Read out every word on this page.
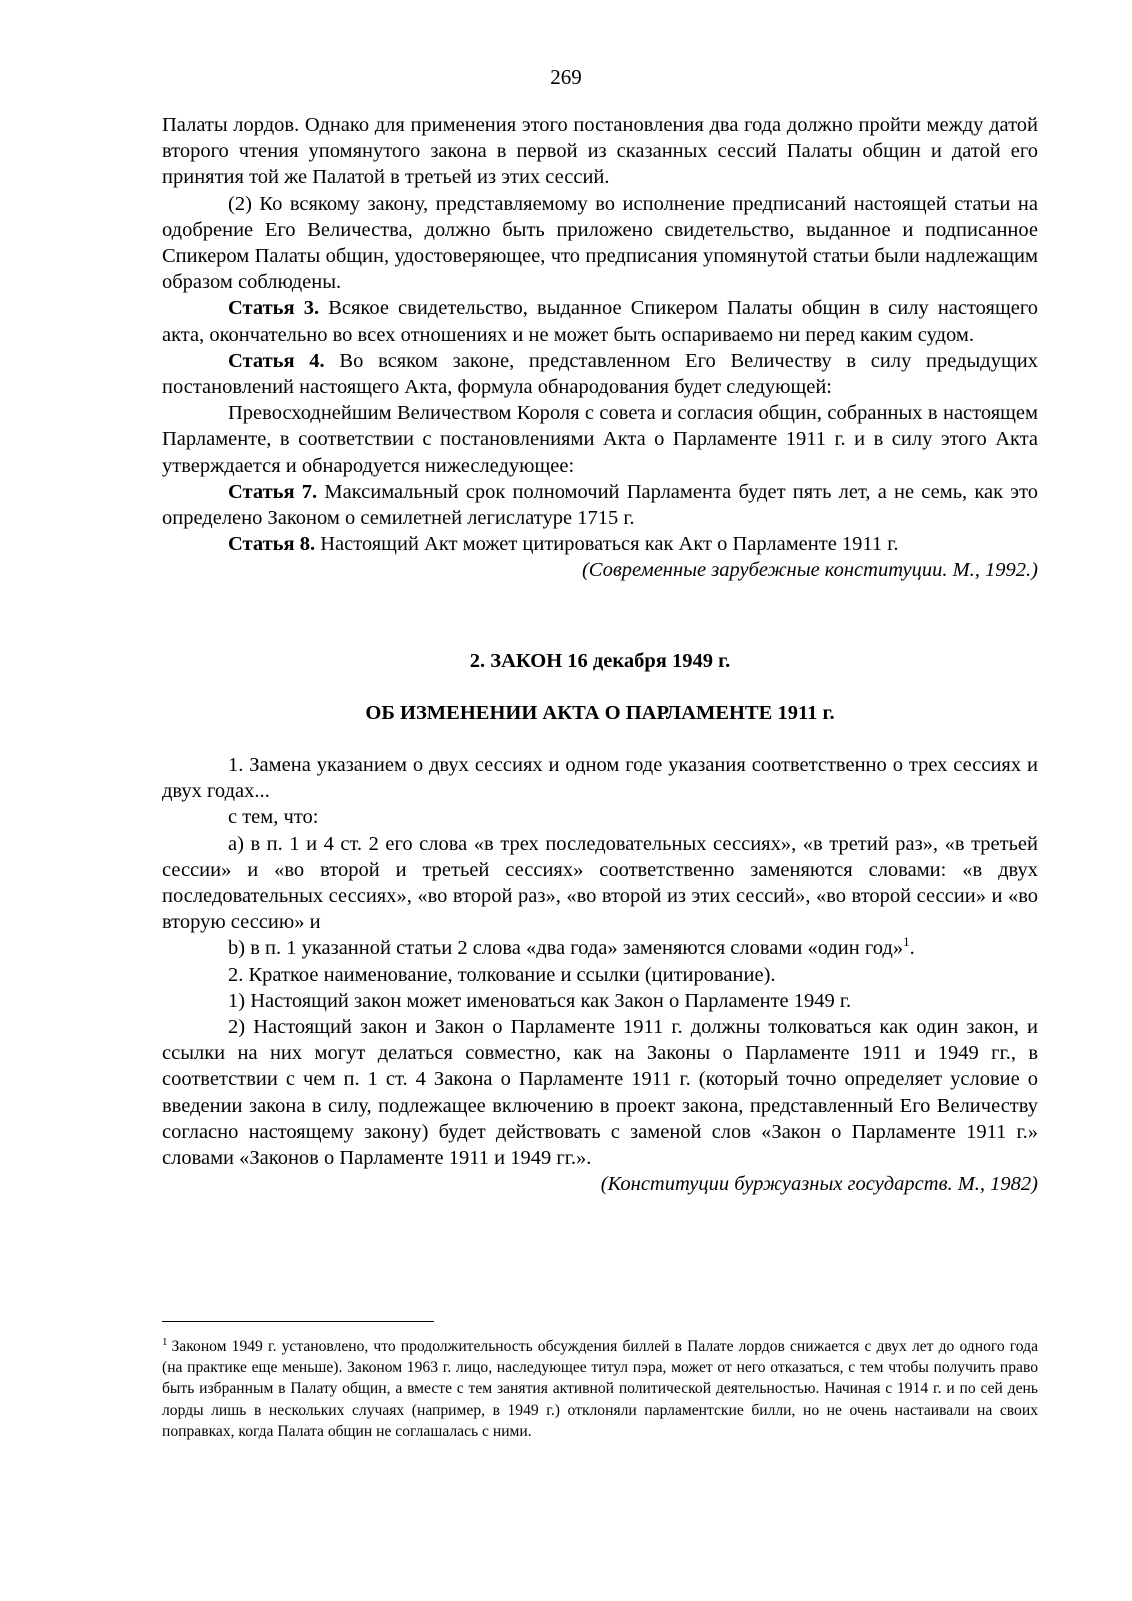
269

Палаты лордов. Однако для применения этого постановления два года должно пройти между датой второго чтения упомянутого закона в первой из сказанных сессий Палаты общин и датой его принятия той же Палатой в третьей из этих сессий.

(2) Ко всякому закону, представляемому во исполнение предписаний настоящей статьи на одобрение Его Величества, должно быть приложено свидетельство, выданное и подписанное Спикером Палаты общин, удостоверяющее, что предписания упомянутой статьи были надлежащим образом соблюдены.

Статья 3. Всякое свидетельство, выданное Спикером Палаты общин в силу настоящего акта, окончательно во всех отношениях и не может быть оспариваемо ни перед каким судом.

Статья 4. Во всяком законе, представленном Его Величеству в силу предыдущих постановлений настоящего Акта, формула обнародования будет следующей:

Превосходнейшим Величеством Короля с совета и согласия общин, собранных в настоящем Парламенте, в соответствии с постановлениями Акта о Парламенте 1911 г. и в силу этого Акта утверждается и обнародуется нижеследующее:

Статья 7. Максимальный срок полномочий Парламента будет пять лет, а не семь, как это определено Законом о семилетней легислатуре 1715 г.

Статья 8. Настоящий Акт может цитироваться как Акт о Парламенте 1911 г.

(Современные зарубежные конституции. М., 1992.)

2. ЗАКОН 16 декабря 1949 г.

ОБ ИЗМЕНЕНИИ АКТА О ПАРЛАМЕНТЕ 1911 г.

1. Замена указанием о двух сессиях и одном годе указания соответственно о трех сессиях и двух годах...

с тем, что:

a) в п. 1 и 4 ст. 2 его слова «в трех последовательных сессиях», «в третий раз», «в третьей сессии» и «во второй и третьей сессиях» соответственно заменяются словами: «в двух последовательных сессиях», «во второй раз», «во второй из этих сессий», «во второй сессии» и «во вторую сессию» и

b) в п. 1 указанной статьи 2 слова «два года» заменяются словами «один год»$^1$.

2. Краткое наименование, толкование и ссылки (цитирование).

1) Настоящий закон может именоваться как Закон о Парламенте 1949 г.

2) Настоящий закон и Закон о Парламенте 1911 г. должны толковаться как один закон, и ссылки на них могут делаться совместно, как на Законы о Парламенте 1911 и 1949 гг., в соответствии с чем п. 1 ст. 4 Закона о Парламенте 1911 г. (который точно определяет условие о введении закона в силу, подлежащее включению в проект закона, представленный Его Величеству согласно настоящему закону) будет действовать с заменой слов «Закон о Парламенте 1911 г.» словами «Законов о Парламенте 1911 и 1949 гг.».

(Конституции буржуазных государств. М., 1982)

$^1$ Законом 1949 г. установлено, что продолжительность обсуждения биллей в Палате лордов снижается с двух лет до одного года (на практике еще меньше). Законом 1963 г. лицо, наследующее титул пэра, может от него отказаться, с тем чтобы получить право быть избранным в Палату общин, а вместе с тем занятия активной политической деятельностью. Начиная с 1914 г. и по сей день лорды лишь в нескольких случаях (например, в 1949 г.) отклоняли парламентские билли, но не очень настаивали на своих поправках, когда Палата общин не соглашалась с ними.
